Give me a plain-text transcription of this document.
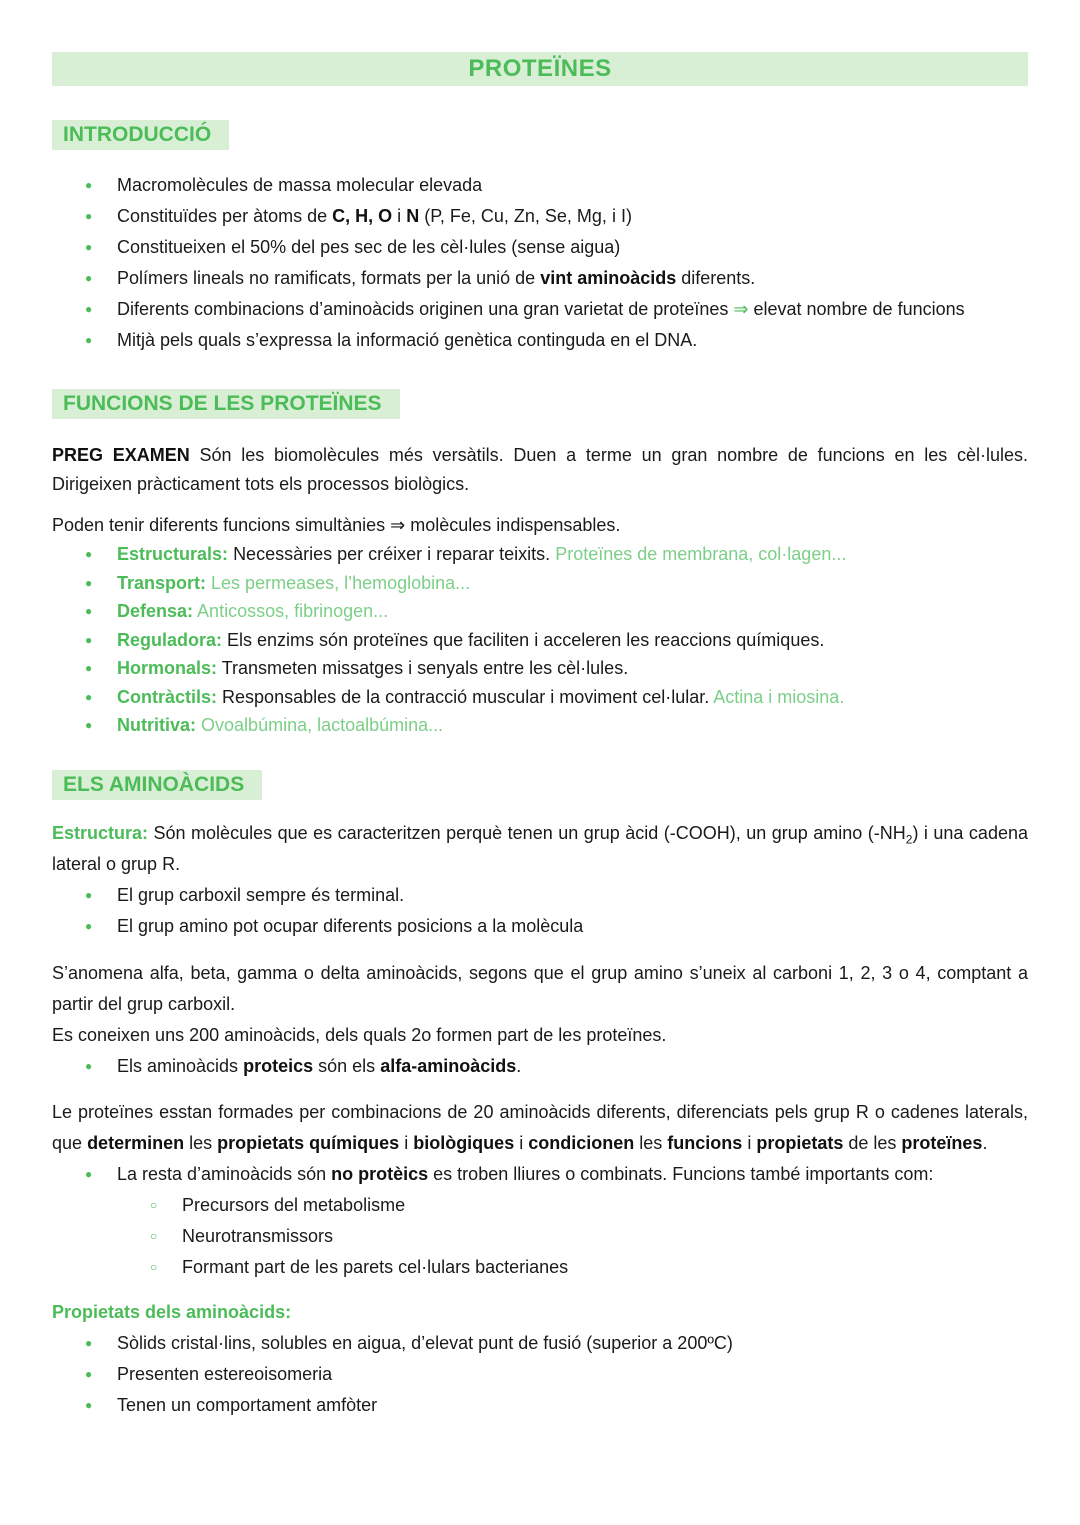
PROTEÏNES
INTRODUCCIÓ
● Macromolècules de massa molecular elevada
● Constituïdes per àtoms de C, H, O i N (P, Fe, Cu, Zn, Se, Mg, i I)
● Constitueixen el 50% del pes sec de les cèl·lules (sense aigua)
● Polímers lineals no ramificats, formats per la unió de vint aminoàcids diferents.
● Diferents combinacions d’aminoàcids originen una gran varietat de proteïnes ⇒ elevat nombre de funcions
● Mitjà pels quals s’expressa la informació genètica continguda en el DNA.
FUNCIONS DE LES PROTEÏNES

PREG EXAMEN Són les biomolècules més versàtils. Duen a terme un gran nombre de funcions en les cèl·lules. Dirigeixen pràcticament tots els processos biològics.

Poden tenir diferents funcions simultànies ⇒ molècules indispensables.

● Estructurals: Necessàries per créixer i reparar teixits. Proteïnes de membrana, col·lagen...
● Transport: Les permeases, l’hemoglobina...
● Defensa: Anticossos, fibrinogen...
● Reguladora: Els enzims són proteïnes que faciliten i acceleren les reaccions químiques.
● Hormonals: Transmeten missatges i senyals entre les cèl·lules.
● Contràctils: Responsables de la contracció muscular i moviment cel·lular. Actina i miosina.
● Nutritiva: Ovoalbúmina, lactoalbúmina...
ELS AMINOÀCIDS

Estructura: Són molècules que es caracteritzen perquè tenen un grup àcid (-COOH), un grup amino $(-NH_2)$ i una cadena lateral o grup R.

● El grup carboxil sempre és terminal.
● El grup amino pot ocupar diferents posicions a la molècula

S’anomena alfa, beta, gamma o delta aminoàcids, segons que el grup amino s’uneix al carboni 1, 2, 3 o 4, comptant a partir del grup carboxil.

Es coneixen uns 200 aminoàcids, dels quals 2o formen part de les proteïnes.

● Els aminoàcids proteics són els alfa-aminoàcids.

Le proteïnes esstan formades per combinacions de 20 aminoàcids diferents, diferenciats pels grup R o cadenes laterals, que determinen les propietats químiques i biològiques i condicionen les funcions i propietats de les proteïnes.

● La resta d’aminoàcids són no protèics es troben lliures o combinats. Funcions també importants com:
○ Precursors del metabolisme
○ Neurotransmissors
○ Formant part de les parets cel·lulars bacterianes

Propietats dels aminoàcids:

● Sòlids cristal·lins, solubles en aigua, d’elevat punt de fusió (superior a 200ºC)
● Presenten estereoisomeria
● Tenen un comportament amfòter
